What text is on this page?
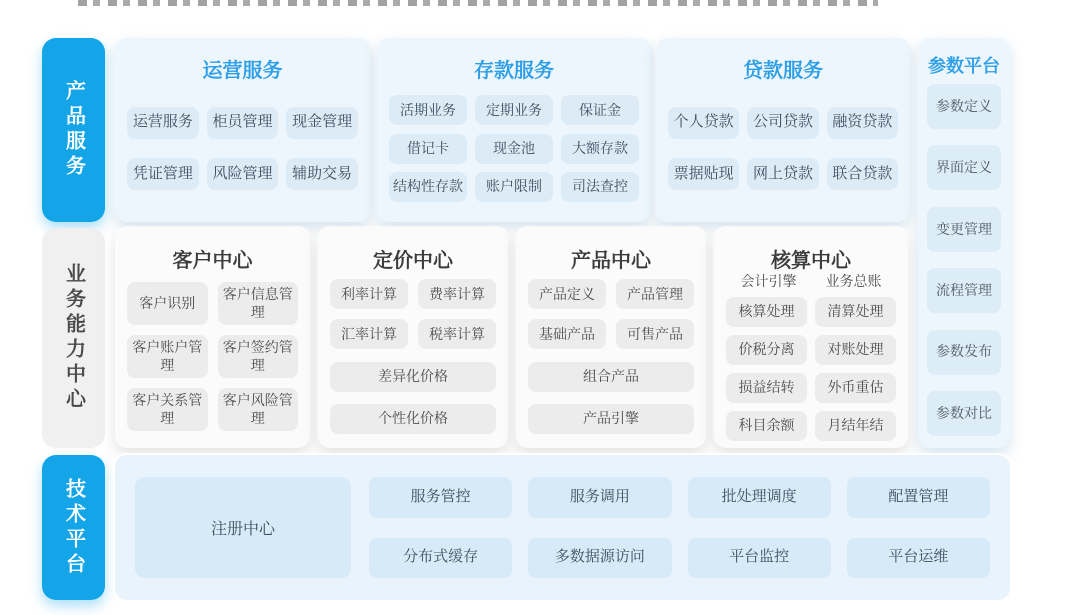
产品服务
运营服务
运营服务	柜员管理	现金管理
凭证管理	风险管理	辅助交易
存款服务
活期业务	定期业务	保证金
借记卡	现金池	大额存款
结构性存款	账户限制	司法查控
贷款服务
个人贷款	公司贷款	融资贷款
票据贴现	网上贷款	联合贷款
参数平台
参数定义
界面定义
变更管理
流程管理
参数发布
参数对比
业务能力中心
客户中心
客户识别
客户信息管理
客户账户管理
客户签约管理
客户关系管理
客户风险管理
定价中心
利率计算	费率计算
汇率计算	税率计算
差异化价格
个性化价格
产品中心
产品定义	产品管理
基础产品	可售产品
组合产品
产品引擎
核算中心
会计引擎	业务总账
核算处理	清算处理
价税分离	对账处理
损益结转	外币重估
科目余额	月结年结
技术平台	注册中心
服务管控	服务调用	批处理调度	配置管理
分布式缓存	多数据源访问	平台监控	平台运维
